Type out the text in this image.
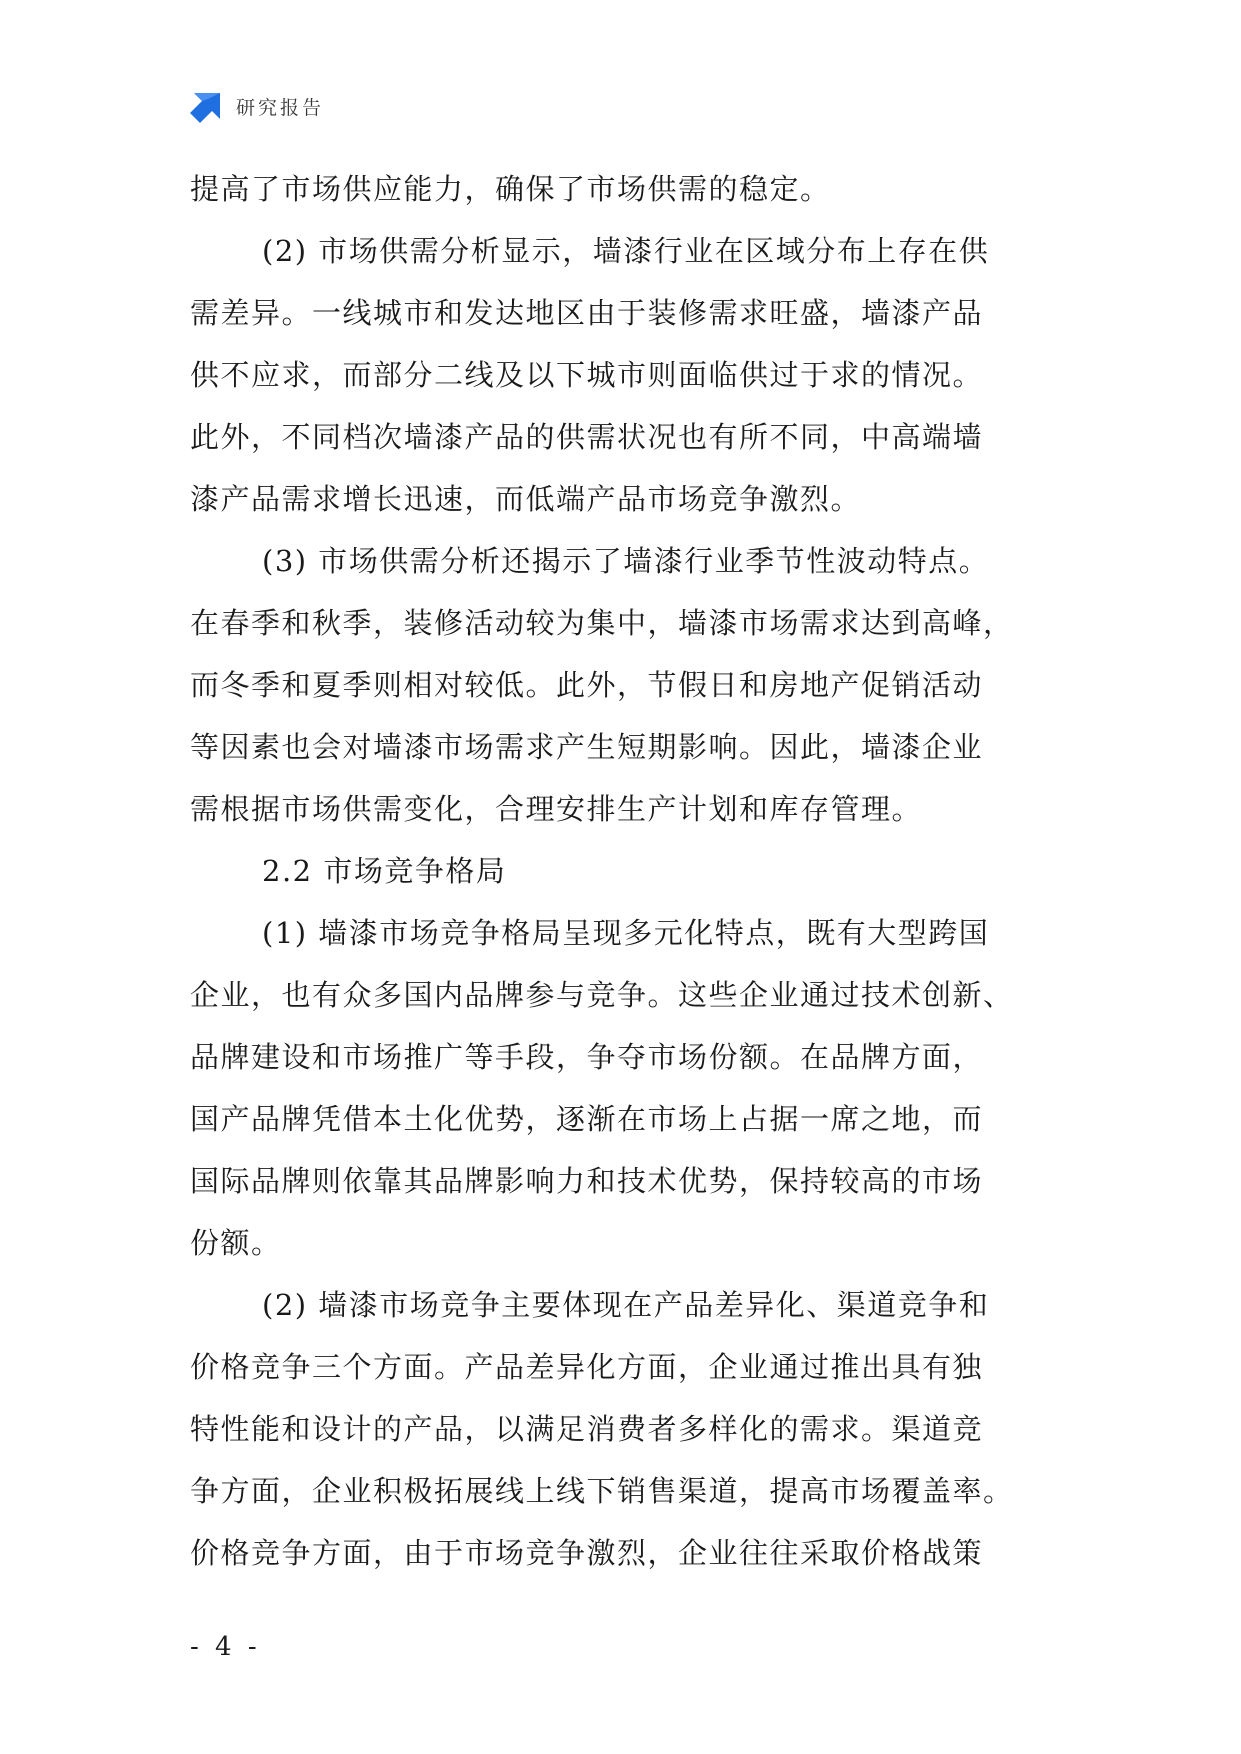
研究报告
提高了市场供应能力，确保了市场供需的稳定。
(2) 市场供需分析显示，墙漆行业在区域分布上存在供
需差异。一线城市和发达地区由于装修需求旺盛，墙漆产品
供不应求，而部分二线及以下城市则面临供过于求的情况。
此外，不同档次墙漆产品的供需状况也有所不同，中高端墙
漆产品需求增长迅速，而低端产品市场竞争激烈。
(3) 市场供需分析还揭示了墙漆行业季节性波动特点。
在春季和秋季，装修活动较为集中，墙漆市场需求达到高峰，
而冬季和夏季则相对较低。此外，节假日和房地产促销活动
等因素也会对墙漆市场需求产生短期影响。因此，墙漆企业
需根据市场供需变化，合理安排生产计划和库存管理。
2.2 市场竞争格局
(1) 墙漆市场竞争格局呈现多元化特点，既有大型跨国
企业，也有众多国内品牌参与竞争。这些企业通过技术创新、
品牌建设和市场推广等手段，争夺市场份额。在品牌方面，
国产品牌凭借本土化优势，逐渐在市场上占据一席之地，而
国际品牌则依靠其品牌影响力和技术优势，保持较高的市场
份额。
(2) 墙漆市场竞争主要体现在产品差异化、渠道竞争和
价格竞争三个方面。产品差异化方面，企业通过推出具有独
特性能和设计的产品，以满足消费者多样化的需求。渠道竞
争方面，企业积极拓展线上线下销售渠道，提高市场覆盖率。
价格竞争方面，由于市场竞争激烈，企业往往采取价格战策
- 4 -
